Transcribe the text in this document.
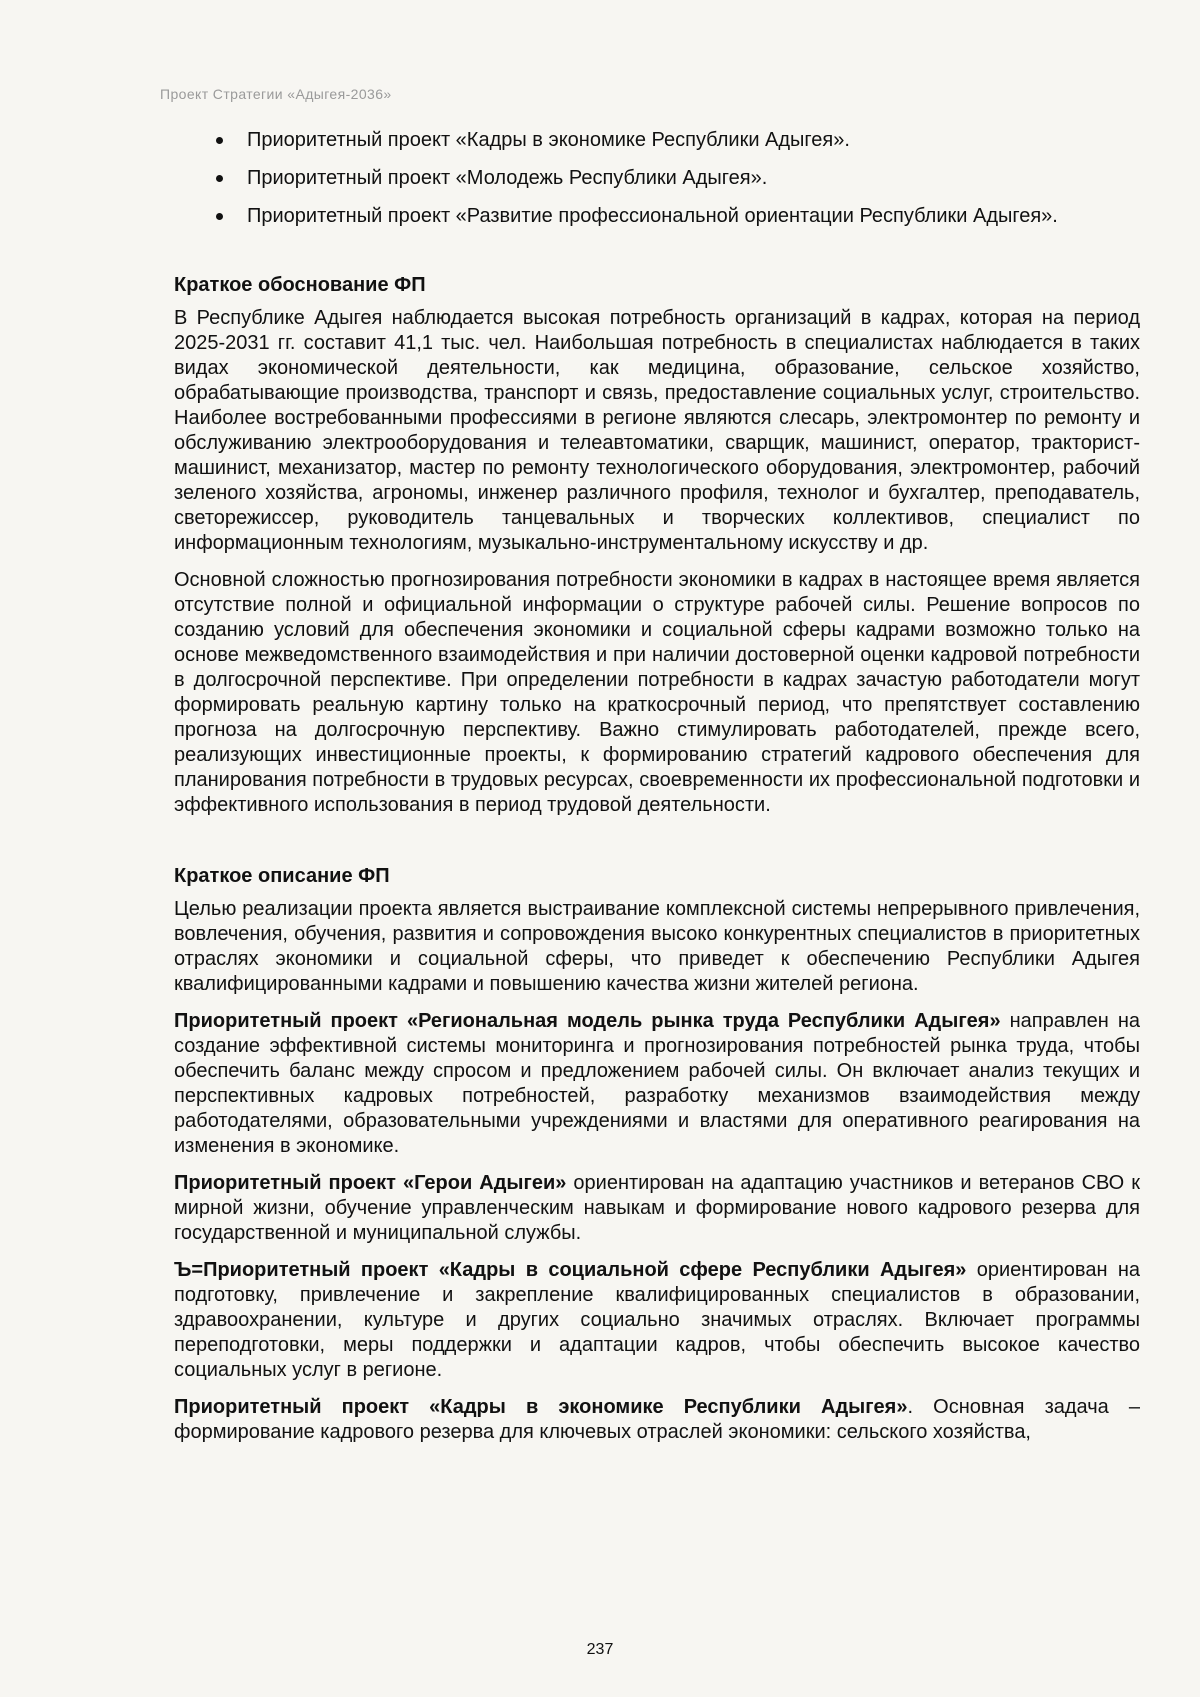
Проект Стратегии «Адыгея-2036»
Приоритетный проект «Кадры в экономике Республики Адыгея».
Приоритетный проект «Молодежь Республики Адыгея».
Приоритетный проект «Развитие профессиональной ориентации Республики Адыгея».
Краткое обоснование ФП

В Республике Адыгея наблюдается высокая потребность организаций в кадрах, которая на период 2025-2031 гг. составит 41,1 тыс. чел. Наибольшая потребность в специалистах наблюдается в таких видах экономической деятельности, как медицина, образование, сельское хозяйство, обрабатывающие производства, транспорт и связь, предоставление социальных услуг, строительство. Наиболее востребованными профессиями в регионе являются слесарь, электромонтер по ремонту и обслуживанию электрооборудования и телеавтоматики, сварщик, машинист, оператор, тракторист-машинист, механизатор, мастер по ремонту технологического оборудования, электромонтер, рабочий зеленого хозяйства, агрономы, инженер различного профиля, технолог и бухгалтер, преподаватель, светорежиссер, руководитель танцевальных и творческих коллективов, специалист по информационным технологиям, музыкально-инструментальному искусству и др.

Основной сложностью прогнозирования потребности экономики в кадрах в настоящее время является отсутствие полной и официальной информации о структуре рабочей силы. Решение вопросов по созданию условий для обеспечения экономики и социальной сферы кадрами возможно только на основе межведомственного взаимодействия и при наличии достоверной оценки кадровой потребности в долгосрочной перспективе. При определении потребности в кадрах зачастую работодатели могут формировать реальную картину только на краткосрочный период, что препятствует составлению прогноза на долгосрочную перспективу. Важно стимулировать работодателей, прежде всего, реализующих инвестиционные проекты, к формированию стратегий кадрового обеспечения для планирования потребности в трудовых ресурсах, своевременности их профессиональной подготовки и эффективного использования в период трудовой деятельности.

Краткое описание ФП

Целью реализации проекта является выстраивание комплексной системы непрерывного привлечения, вовлечения, обучения, развития и сопровождения высоко конкурентных специалистов в приоритетных отраслях экономики и социальной сферы, что приведет к обеспечению Республики Адыгея квалифицированными кадрами и повышению качества жизни жителей региона.

Приоритетный проект «Региональная модель рынка труда Республики Адыгея» направлен на создание эффективной системы мониторинга и прогнозирования потребностей рынка труда, чтобы обеспечить баланс между спросом и предложением рабочей силы. Он включает анализ текущих и перспективных кадровых потребностей, разработку механизмов взаимодействия между работодателями, образовательными учреждениями и властями для оперативного реагирования на изменения в экономике.

Приоритетный проект «Герои Адыгеи» ориентирован на адаптацию участников и ветеранов СВО к мирной жизни, обучение управленческим навыкам и формирование нового кадрового резерва для государственной и муниципальной службы.

Ъ=Приоритетный проект «Кадры в социальной сфере Республики Адыгея» ориентирован на подготовку, привлечение и закрепление квалифицированных специалистов в образовании, здравоохранении, культуре и других социально значимых отраслях. Включает программы переподготовки, меры поддержки и адаптации кадров, чтобы обеспечить высокое качество социальных услуг в регионе.

Приоритетный проект «Кадры в экономике Республики Адыгея». Основная задача – формирование кадрового резерва для ключевых отраслей экономики: сельского хозяйства,

237
